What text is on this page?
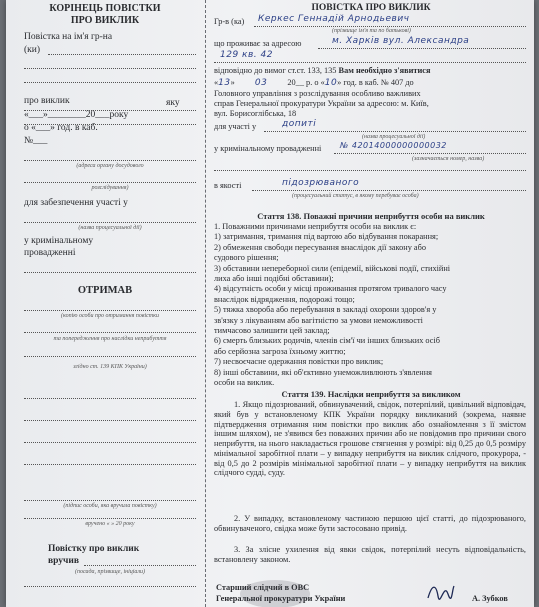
КОРІНЕЦЬ ПОВІСТКИ
ПРО ВИКЛИК
Повістка на ім'я гр-на
(ки)
про виклик	яку
«___»________20___року
о «___» год. в каб.
№___
(адреса органу досудового
розслідування)
для забезпечення участі у
(назва процесуальної дії)
у кримінальному
провадженні
ОТРИМАВ
(копію особи про отримання повістки
та попередження про наслідки неприбуття
згідно ст. 139 КПК України)
(підпис особи, яка вручила повістку)
вручено « » 20 року
Повістку про виклик
вручив
(посада, прізвище, ініціали)
ПОВІСТКА ПРО ВИКЛИК
Гр-в (ка) Керкес Геннадій Арнодьевич
(прізвище ім'я та по батькові)
що проживає за адресою	м. Харків вул. Александра
129 кв. 42
відповідно до вимог ст.ст. 133, 135 Вам необхідно з'явитися
«13» 03 20__ р. о «10» год. в каб. № 407 до
Головного управління з розслідування особливо важливих
справ Генеральної прокуратури України за адресою: м. Київ,
вул. Борисоглібська, 18
для участі у	допиті
(назва процесуальної дії)
у кримінальному провадженні № 42014000000000032
(зазначається номер, назва)
в якості	підозрюваного
(процесуальний статус, в якому перебуває особа)
Стаття 138. Поважні причини неприбуття особи на виклик
1. Поважними причинами неприбуття особи на виклик є:
1) затримання, тримання під вартою або відбування покарання;
2) обмеження свободи пересування внаслідок дії закону або
судового рішення;
3) обставини непереборної сили (епідемії, військові події, стихійні
лиха або інші подібні обставини);
4) відсутність особи у місці проживання протягом тривалого часу
внаслідок відрядження, подорожі тощо;
5) тяжка хвороба або перебування в закладі охорони здоров'я у
зв'язку з лікуванням або вагітністю за умови неможливості
тимчасово залишити цей заклад;
6) смерть близьких родичів, членів сім'ї чи інших близьких осіб
або серйозна загроза їхньому життю;
7) несвоєчасне одержання повістки про виклик;
8) інші обставини, які об'єктивно унеможливлюють з'явлення
особи на виклик.
Стаття 139. Наслідки неприбуття за викликом
1. Якщо підозрюваний, обвинувачений, свідок, потерпілий, цивільний відповідач, який був у встановленому КПК України порядку викликаний (зокрема, наявне підтвердження отримання ним повістки про виклик або ознайомлення з її змістом іншим шляхом), не з'явився без поважних причин або не повідомив про причини свого неприбуття, на нього накладається грошове стягнення у розмірі: від 0,25 до 0,5 розміру мінімальної заробітної плати – у випадку неприбуття на виклик слідчого, прокурора, - від 0,5 до 2 розмірів мінімальної заробітної плати – у випадку неприбуття на виклик слідчого судді, суду.
2. У випадку, встановленому частиною першою цієї статті, до підозрюваного, обвинуваченого, свідка може бути застосовано привід.
3. За злісне ухилення від явки свідок, потерпілий несуть відповідальність, встановлену законом.
Старший слідчий в ОВС
Генеральної прокуратури України	А. Зубков
